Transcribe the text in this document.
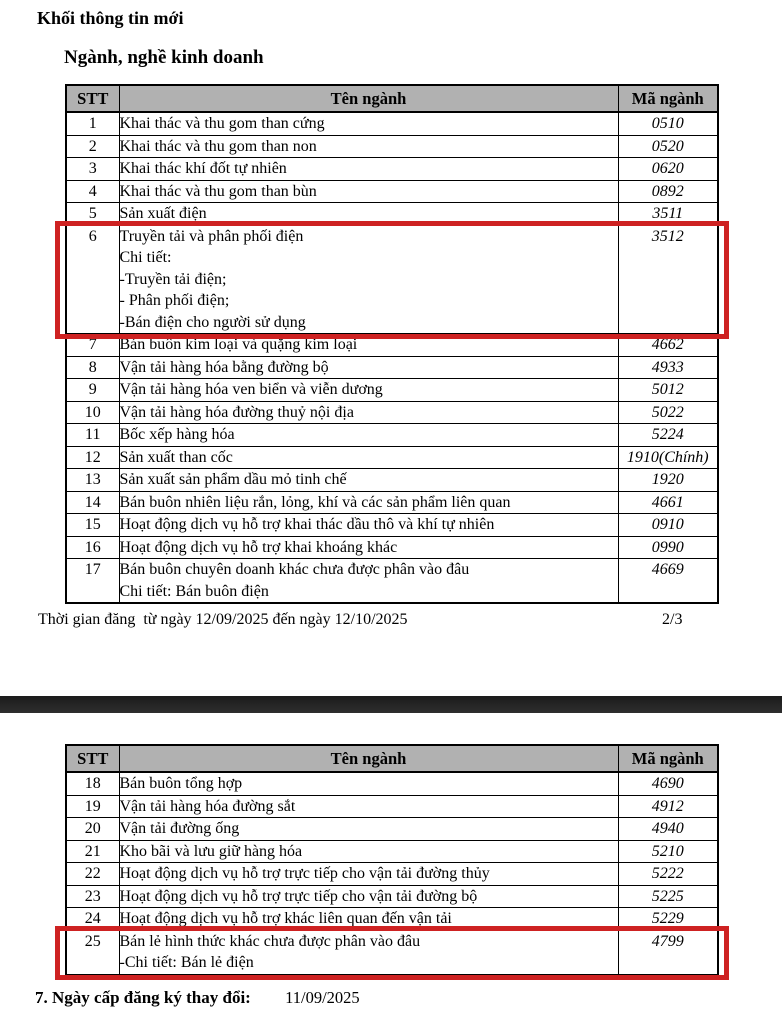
Khối thông tin mới
Ngành, nghề kinh doanh
STT	Tên ngành	Mã ngành
1	Khai thác và thu gom than cứng	0510
2	Khai thác và thu gom than non	0520
3	Khai thác khí đốt tự nhiên	0620
4	Khai thác và thu gom than bùn	0892
5	Sản xuất điện	3511
6	Truyền tải và phân phối điện
Chi tiết:
-Truyền tải điện;
- Phân phối điện;
-Bán điện cho người sử dụng	3512
7	Bán buôn kim loại và quặng kim loại	4662
8	Vận tải hàng hóa bằng đường bộ	4933
9	Vận tải hàng hóa ven biển và viễn dương	5012
10	Vận tải hàng hóa đường thuỷ nội địa	5022
11	Bốc xếp hàng hóa	5224
12	Sản xuất than cốc	1910(Chính)
13	Sản xuất sản phẩm dầu mỏ tinh chế	1920
14	Bán buôn nhiên liệu rắn, lỏng, khí và các sản phẩm liên quan	4661
15	Hoạt động dịch vụ hỗ trợ khai thác dầu thô và khí tự nhiên	0910
16	Hoạt động dịch vụ hỗ trợ khai khoáng khác	0990
17	Bán buôn chuyên doanh khác chưa được phân vào đâu
Chi tiết: Bán buôn điện	4669
Thời gian đăng  từ ngày 12/09/2025 đến ngày 12/10/2025	2/3
STT	Tên ngành	Mã ngành
18	Bán buôn tổng hợp	4690
19	Vận tải hàng hóa đường sắt	4912
20	Vận tải đường ống	4940
21	Kho bãi và lưu giữ hàng hóa	5210
22	Hoạt động dịch vụ hỗ trợ trực tiếp cho vận tải đường thủy	5222
23	Hoạt động dịch vụ hỗ trợ trực tiếp cho vận tải đường bộ	5225
24	Hoạt động dịch vụ hỗ trợ khác liên quan đến vận tải	5229
25	Bán lẻ hình thức khác chưa được phân vào đâu
-Chi tiết: Bán lẻ điện	4799
7. Ngày cấp đăng ký thay đổi: 11/09/2025
